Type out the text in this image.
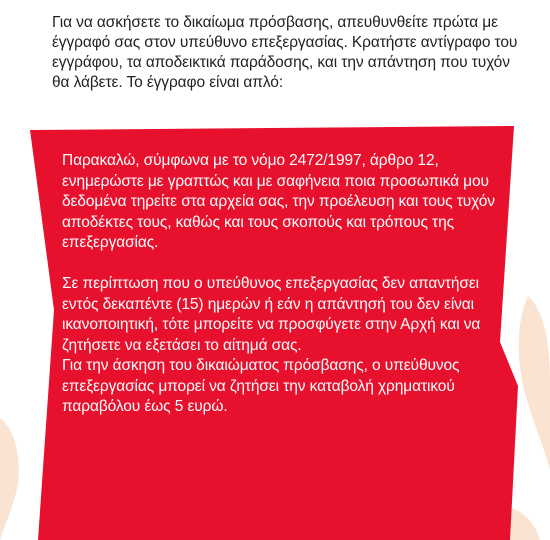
Για να ασκήσετε το δικαίωμα πρόσβασης, απευθυνθείτε πρώτα με έγγραφό σας στον υπεύθυνο επεξεργασίας. Κρατήστε αντίγραφο του εγγράφου, τα αποδεικτικά παράδοσης, και την απάντηση που τυχόν θα λάβετε. Το έγγραφο είναι απλό:

Παρακαλώ, σύμφωνα με το νόμο 2472/1997, άρθρο 12, ενημερώστε με γραπτώς και με σαφήνεια ποια προσωπικά μου δεδομένα τηρείτε στα αρχεία σας, την προέλευση και τους τυχόν αποδέκτες τους, καθώς και τους σκοπούς και τρόπους της επεξεργασίας.

Σε περίπτωση που ο υπεύθυνος επεξεργασίας δεν απαντήσει εντός δεκαπέντε (15) ημερών ή εάν η απάντησή του δεν είναι ικανοποιητική, τότε μπορείτε να προσφύγετε στην Αρχή και να ζητήσετε να εξετάσει το αίτημά σας.

Για την άσκηση του δικαιώματος πρόσβασης, ο υπεύθυνος επεξεργασίας μπορεί να ζητήσει την καταβολή χρηματικού παραβόλου έως 5 ευρώ.
